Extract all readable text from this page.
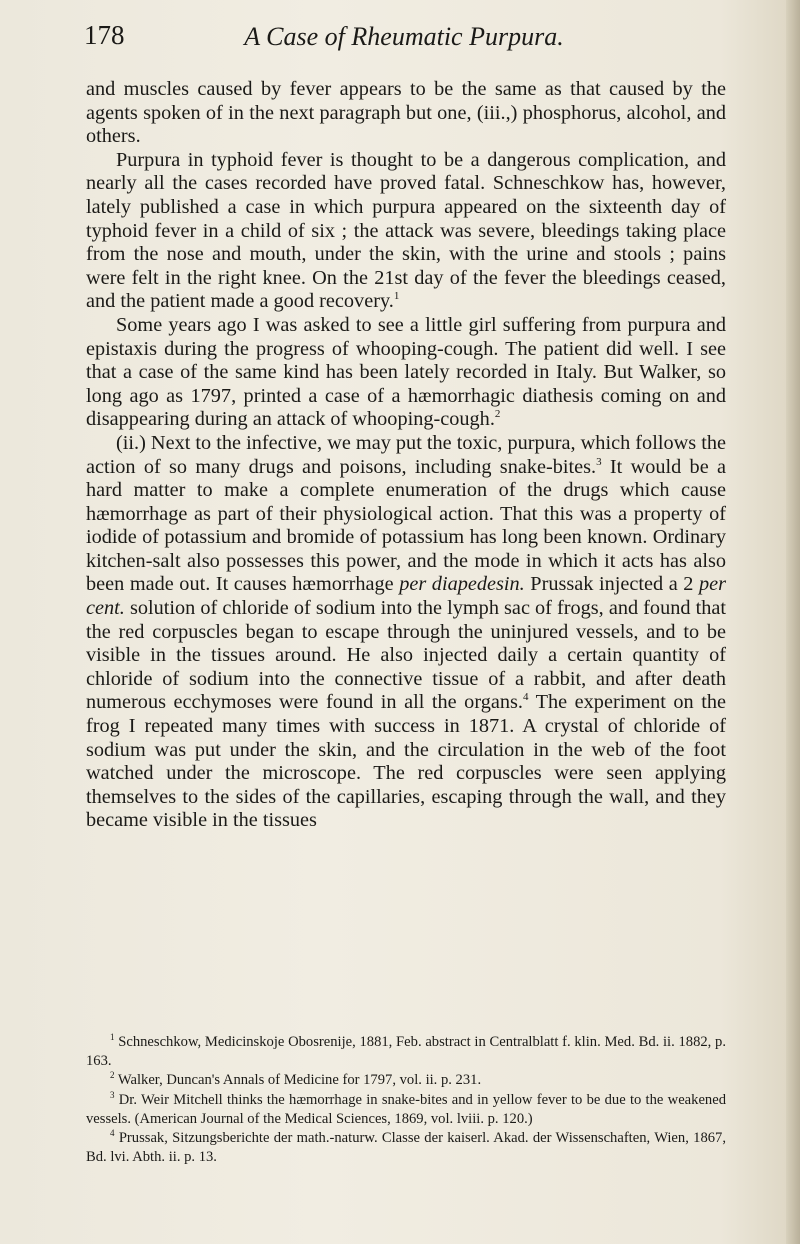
178	A Case of Rheumatic Purpura.

and muscles caused by fever appears to be the same as that caused by the agents spoken of in the next paragraph but one, (iii.,) phosphorus, alcohol, and others.

Purpura in typhoid fever is thought to be a dangerous complication, and nearly all the cases recorded have proved fatal. Schneschkow has, however, lately published a case in which purpura appeared on the sixteenth day of typhoid fever in a child of six ; the attack was severe, bleedings taking place from the nose and mouth, under the skin, with the urine and stools ; pains were felt in the right knee. On the 21st day of the fever the bleedings ceased, and the patient made a good recovery.$^1$

Some years ago I was asked to see a little girl suffering from purpura and epistaxis during the progress of whooping-cough. The patient did well. I see that a case of the same kind has been lately recorded in Italy. But Walker, so long ago as 1797, printed a case of a hæmorrhagic diathesis coming on and disappearing during an attack of whooping-cough.$^2$

(ii.) Next to the infective, we may put the toxic, purpura, which follows the action of so many drugs and poisons, including snake-bites.$^3$ It would be a hard matter to make a complete enumeration of the drugs which cause hæmorrhage as part of their physiological action. That this was a property of iodide of potassium and bromide of potassium has long been known. Ordinary kitchen-salt also possesses this power, and the mode in which it acts has also been made out. It causes hæmorrhage per diapedesin. Prussak injected a 2 per cent. solution of chloride of sodium into the lymph sac of frogs, and found that the red corpuscles began to escape through the uninjured vessels, and to be visible in the tissues around. He also injected daily a certain quantity of chloride of sodium into the connective tissue of a rabbit, and after death numerous ecchymoses were found in all the organs.$^4$ The experiment on the frog I repeated many times with success in 1871. A crystal of chloride of sodium was put under the skin, and the circulation in the web of the foot watched under the microscope. The red corpuscles were seen applying themselves to the sides of the capillaries, escaping through the wall, and they became visible in the tissues

$^1$ Schneschkow, Medicinskoje Obosrenije, 1881, Feb. abstract in Centralblatt f. klin. Med. Bd. ii. 1882, p. 163.

$^2$ Walker, Duncan's Annals of Medicine for 1797, vol. ii. p. 231.

$^3$ Dr. Weir Mitchell thinks the hæmorrhage in snake-bites and in yellow fever to be due to the weakened vessels. (American Journal of the Medical Sciences, 1869, vol. lviii. p. 120.)

$^4$ Prussak, Sitzungsberichte der math.-naturw. Classe der kaiserl. Akad. der Wissenschaften, Wien, 1867, Bd. lvi. Abth. ii. p. 13.
